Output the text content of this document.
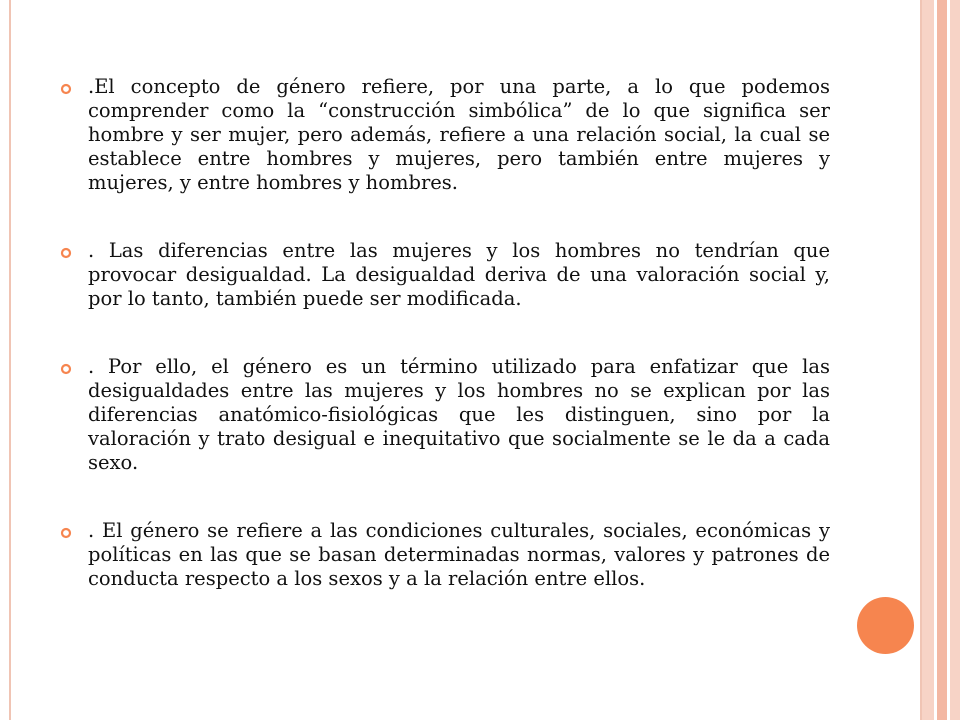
.El concepto de género refiere, por una parte, a lo que podemos comprender como la “construcción simbólica” de lo que significa ser hombre y ser mujer, pero además, refiere a una relación social, la cual se establece entre hombres y mujeres, pero también entre mujeres y mujeres, y entre hombres y hombres.
. Las diferencias entre las mujeres y los hombres no tendrían que provocar desigualdad. La desigualdad deriva de una valoración social y, por lo tanto, también puede ser modificada.
. Por ello, el género es un término utilizado para enfatizar que las desigualdades entre las mujeres y los hombres no se explican por las diferencias anatómico-fisiológicas que les distinguen, sino por la valoración y trato desigual e inequitativo que socialmente se le da a cada sexo.
. El género se refiere a las condiciones culturales, sociales, económicas y políticas en las que se basan determinadas normas, valores y patrones de conducta respecto a los sexos y a la relación entre ellos.
